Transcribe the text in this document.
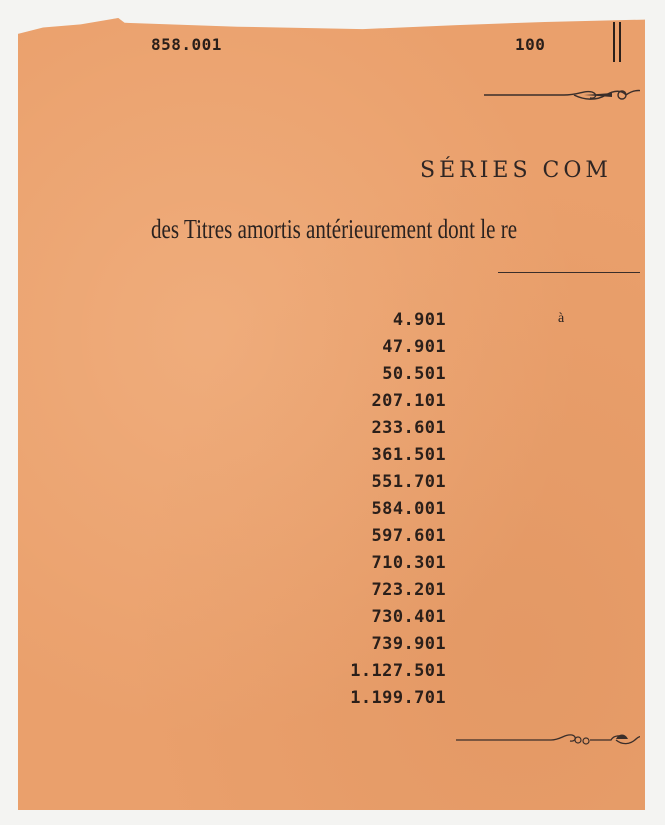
858.001	100
SÉRIES COM
des Titres amortis antérieurement dont le re
à
4.901
47.901
50.501
207.101
233.601
361.501
551.701
584.001
597.601
710.301
723.201
730.401
739.901
1.127.501
1.199.701
